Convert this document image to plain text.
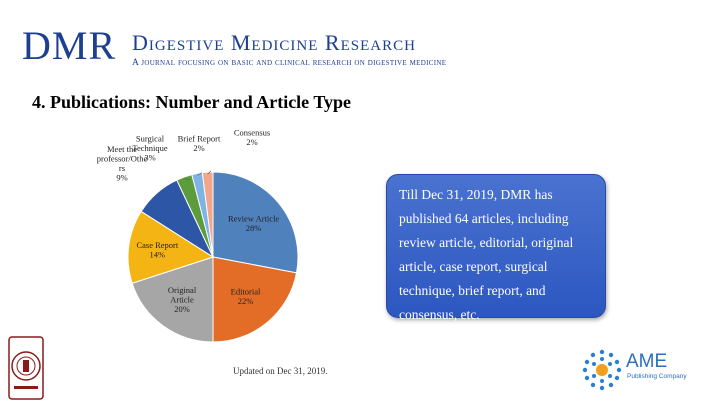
DMR Digestive Medicine Research
A journal focusing on basic and clinical research on digestive medicine
4. Publications: Number and Article Type
Review Article 28%
Editorial 22%
Original Article 20%
Case Report 14%
Meet the professor/Othe rs 9%
Surgical Technique 3%
Brief Report 2%
Consensus 2%
Till Dec 31, 2019, DMR has published 64 articles, including review article, editorial, original article, case report, surgical technique, brief report, and consensus, etc.
Updated on Dec 31, 2019.	AME
Publishing Company
